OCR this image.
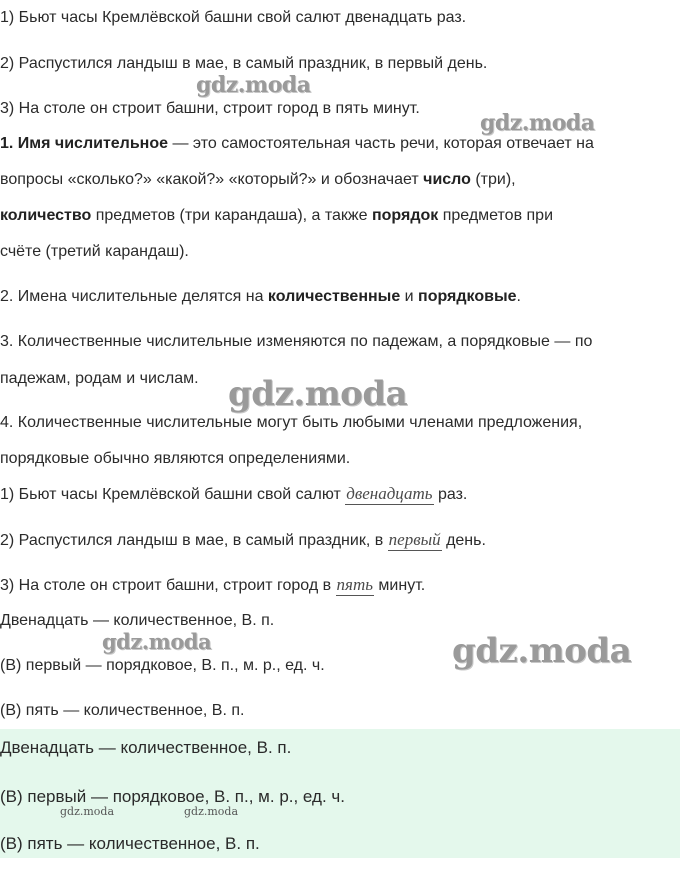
1) Бьют часы Кремлёвской башни свой салют двенадцать раз.
2) Распустился ландыш в мае, в самый праздник, в первый день.
3) На столе он строит башни, строит город в пять минут.
1. Имя числительное — это самостоятельная часть речи, которая отвечает на
вопросы «сколько?» «какой?» «который?» и обозначает число (три),
количество предметов (три карандаша), а также порядок предметов при
счёте (третий карандаш).
2. Имена числительные делятся на количественные и порядковые.
3. Количественные числительные изменяются по падежам, а порядковые — по
падежам, родам и числам.
4. Количественные числительные могут быть любыми членами предложения,
порядковые обычно являются определениями.
1) Бьют часы Кремлёвской башни свой салют двенадцать раз.
2) Распустился ландыш в мае, в самый праздник, в первый день.
3) На столе он строит башни, строит город в пять минут.
Двенадцать — количественное, В. п.
(В) первый — порядковое, В. п., м. р., ед. ч.
(В) пять — количественное, В. п.
Двенадцать — количественное, В. п.
(В) первый — порядковое, В. п., м. р., ед. ч.
(В) пять — количественное, В. п.
gdz.moda
gdz.moda
gdz.moda
gdz.moda	gdz.moda
gdz.moda	gdz.moda
